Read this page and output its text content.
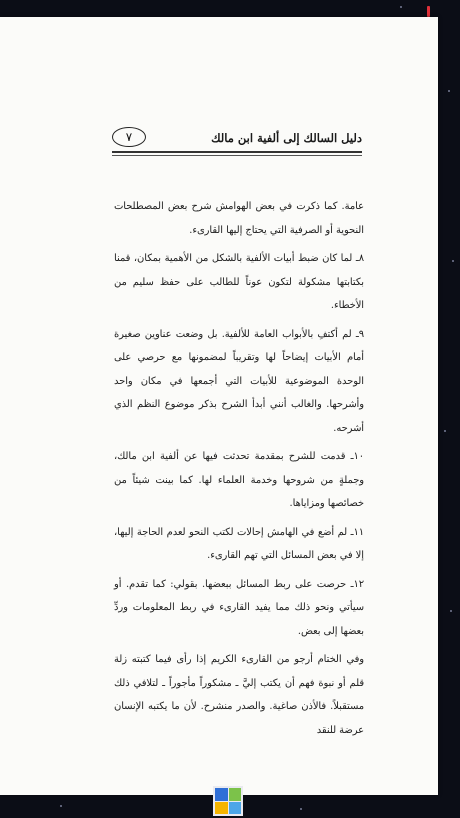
دليل السالك إلى ألفية ابن مالك
٧

عامة. كما ذكرت في بعض الهوامش شرح بعض المصطلحات النحوية أو الصرفية التي يحتاج إليها القارىء.

٨ـ لما كان ضبط أبيات الألفية بالشكل من الأهمية بمكان، قمنا بكتابتها مشكولة لتكون عوناً للطالب على حفظ سليم من الأخطاء.

٩ـ لم أكتفِ بالأبواب العامة للألفية. بل وضعت عناوين صغيرة أمام الأبيات إيضاحاً لها وتقريباً لمضمونها مع حرصي على الوحدة الموضوعية للأبيات التي أجمعها في مكان واحد وأشرحها. والغالب أنني أبدأ الشرح بذكر موضوع النظم الذي أشرحه.

١٠ـ قدمت للشرح بمقدمة تحدثت فيها عن ألفية ابن مالك، وجملةٍ من شروحها وخدمة العلماء لها. كما بينت شيئاً من خصائصها ومزاياها.

١١ـ لم أضع في الهامش إحالات لكتب النحو لعدم الحاجة إليها، إلا في بعض المسائل التي تهم القارىء.

١٢ـ حرصت على ربط المسائل ببعضها. بقولي: كما تقدم. أو سيأتي ونحو ذلك مما يفيد القارىء في ربط المعلومات وردِّ بعضها إلى بعض.

وفي الختام أرجو من القارىء الكريم إذا رأى فيما كتبته زلة قلم أو نبوة فهم أن يكتب إليَّ ـ مشكوراً مأجوراً ـ لتلافي ذلك مستقبلاً. فالأذن صاغية. والصدر منشرح. لأن ما يكتبه الإنسان عرضة للنقد
